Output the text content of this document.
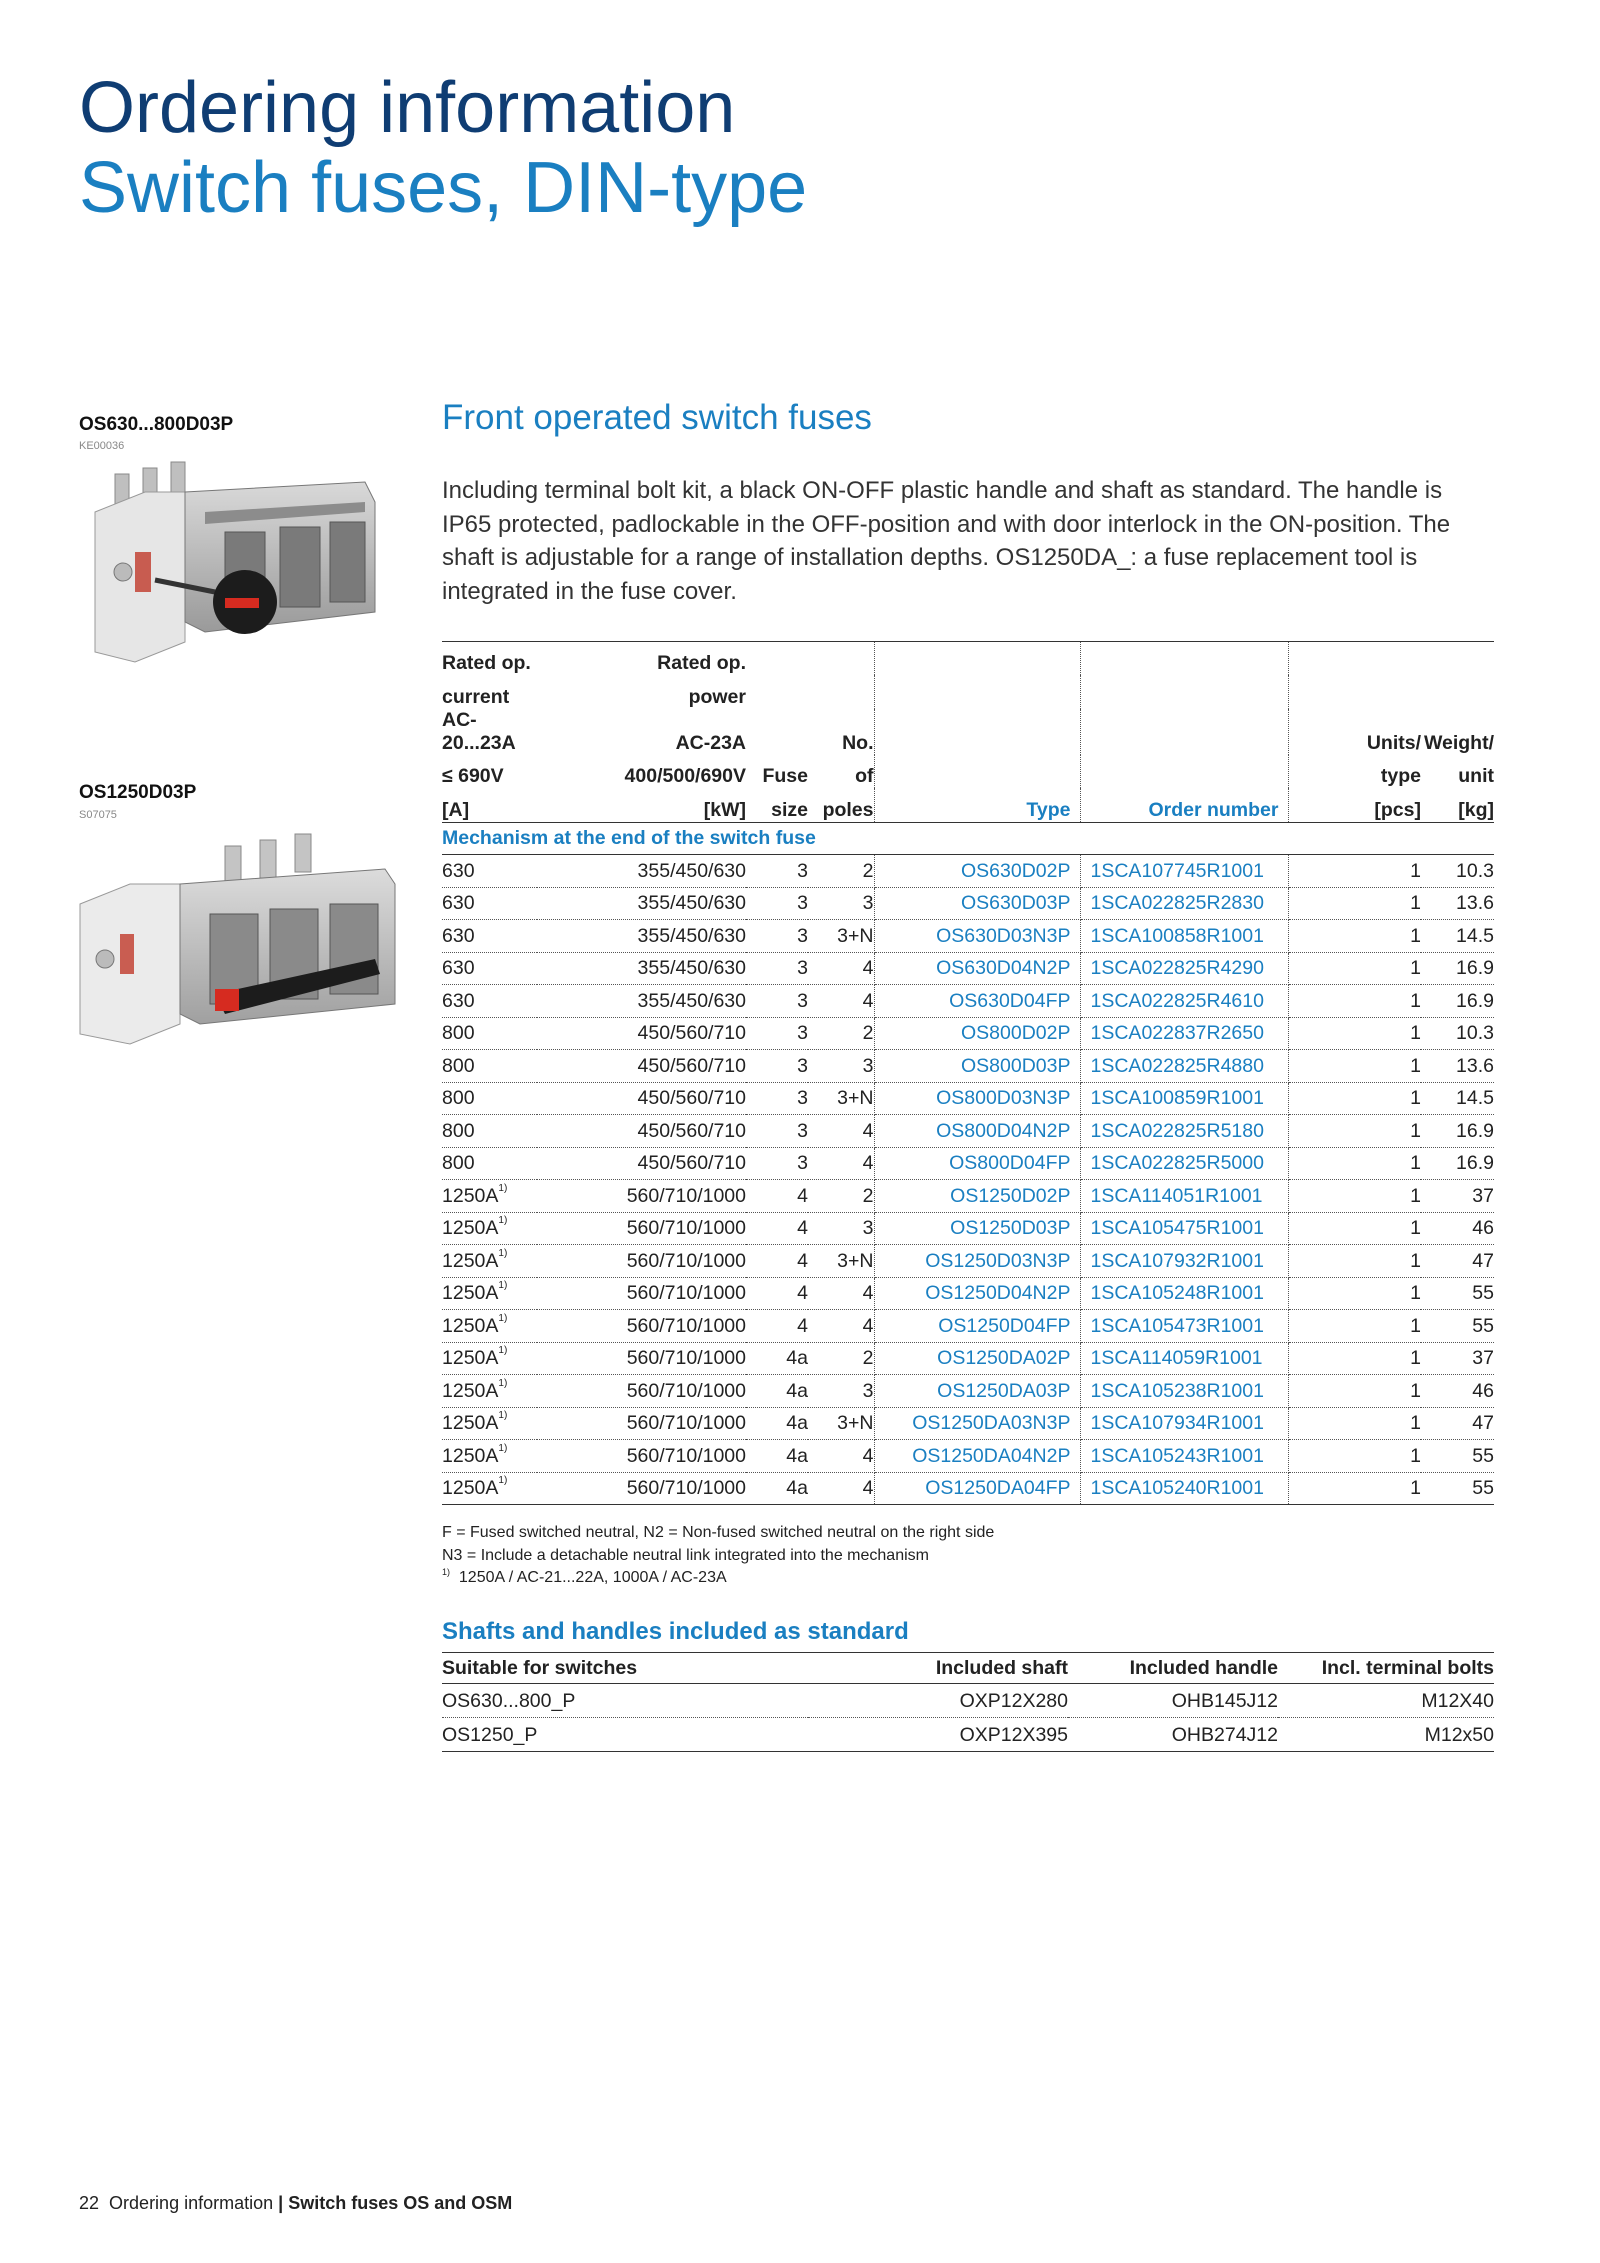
Ordering information
Switch fuses, DIN-type
OS630...800D03P
KE00036
OS1250D03P
S07075
Front operated switch fuses

Including terminal bolt kit, a black ON-OFF plastic handle and shaft as standard. The handle is IP65 protected, padlockable in the OFF-position and with door interlock in the ON-position. The shaft is adjustable for a range of installation depths. OS1250DA_: a fuse replacement tool is integrated in the fuse cover.

Rated op.	Rated op.						
current	power						
AC-20...23A	AC-23A		No.			Units/	Weight/
≤ 690V	400/500/690V	Fuse	of			type	unit
[A]	[kW]	size	poles	Type	Order number	[pcs]	[kg]
Mechanism at the end of the switch fuse							
630	355/450/630	3	2	OS630D02P	1SCA107745R1001	1	10.3
630	355/450/630	3	3	OS630D03P	1SCA022825R2830	1	13.6
630	355/450/630	3	3+N	OS630D03N3P	1SCA100858R1001	1	14.5
630	355/450/630	3	4	OS630D04N2P	1SCA022825R4290	1	16.9
630	355/450/630	3	4	OS630D04FP	1SCA022825R4610	1	16.9
800	450/560/710	3	2	OS800D02P	1SCA022837R2650	1	10.3
800	450/560/710	3	3	OS800D03P	1SCA022825R4880	1	13.6
800	450/560/710	3	3+N	OS800D03N3P	1SCA100859R1001	1	14.5
800	450/560/710	3	4	OS800D04N2P	1SCA022825R5180	1	16.9
800	450/560/710	3	4	OS800D04FP	1SCA022825R5000	1	16.9
$1250A^{1)}$	560/710/1000	4	2	OS1250D02P	1SCA114051R1001	1	37
$1250A^{1)}$	560/710/1000	4	3	OS1250D03P	1SCA105475R1001	1	46
$1250A^{1)}$	560/710/1000	4	3+N	OS1250D03N3P	1SCA107932R1001	1	47
$1250A^{1)}$	560/710/1000	4	4	OS1250D04N2P	1SCA105248R1001	1	55
$1250A^{1)}$	560/710/1000	4	4	OS1250D04FP	1SCA105473R1001	1	55
$1250A^{1)}$	560/710/1000	4a	2	OS1250DA02P	1SCA114059R1001	1	37
$1250A^{1)}$	560/710/1000	4a	3	OS1250DA03P	1SCA105238R1001	1	46
$1250A^{1)}$	560/710/1000	4a	3+N	OS1250DA03N3P	1SCA107934R1001	1	47
$1250A^{1)}$	560/710/1000	4a	4	OS1250DA04N2P	1SCA105243R1001	1	55
$1250A^{1)}$	560/710/1000	4a	4	OS1250DA04FP	1SCA105240R1001	1	55
F = Fused switched neutral, N2 = Non-fused switched neutral on the right side
N3 = Include a detachable neutral link integrated into the mechanism
$^{1)}$ 1250A / AC-21...22A, 1000A / AC-23A
Shafts and handles included as standard
Suitable for switches	Included shaft	Included handle	Incl. terminal bolts
OS630...800_P	OXP12X280	OHB145J12	M12X40
OS1250_P	OXP12X395	OHB274J12	M12x50
22 Ordering information | Switch fuses OS and OSM
